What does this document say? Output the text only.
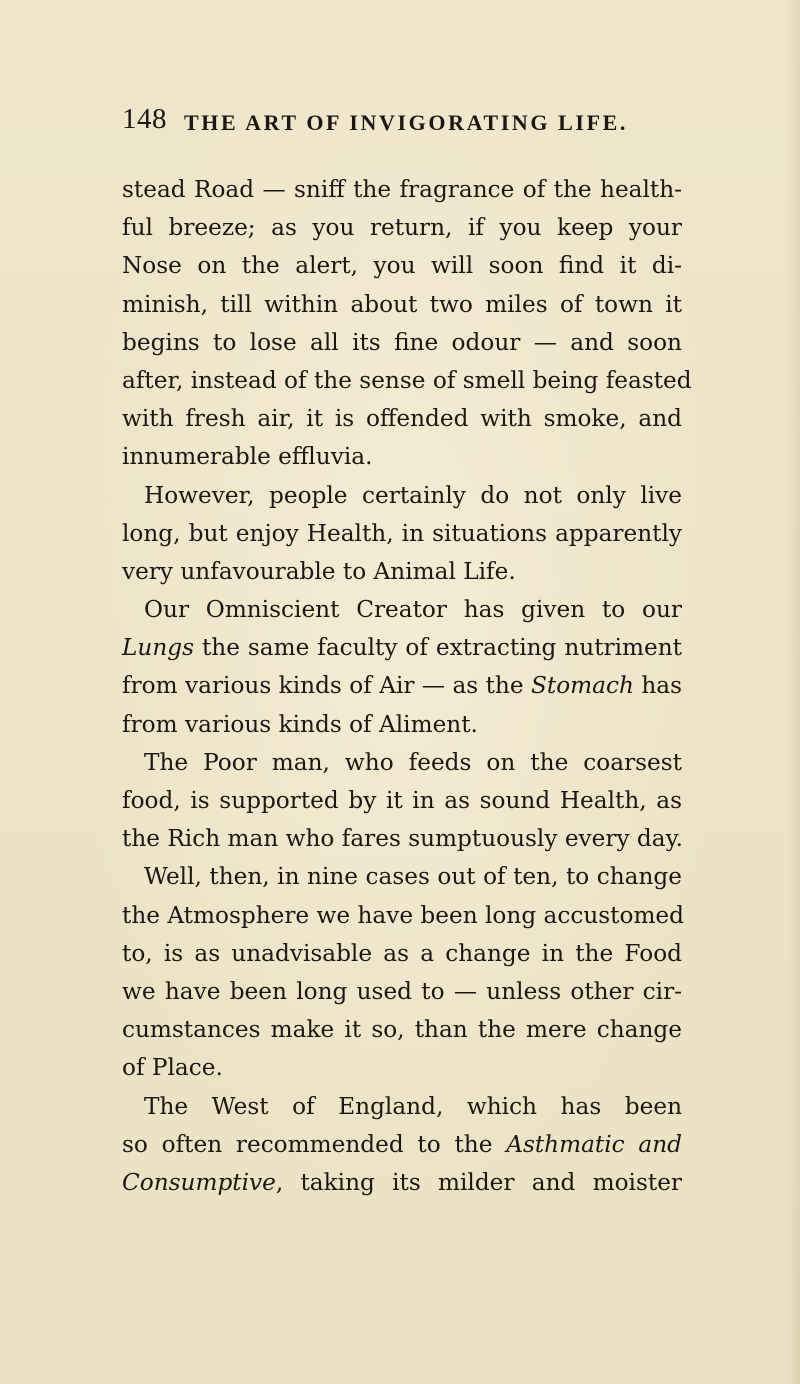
148 THE ART OF INVIGORATING LIFE.
stead Road — sniff the fragrance of the health-
ful breeze; as you return, if you keep your
Nose on the alert, you will soon find it di-
minish, till within about two miles of town it
begins to lose all its fine odour — and soon
after, instead of the sense of smell being feasted
with fresh air, it is offended with smoke, and
innumerable effluvia.
However, people certainly do not only live
long, but enjoy Health, in situations apparently
very unfavourable to Animal Life.
Our Omniscient Creator has given to our
Lungs the same faculty of extracting nutriment
from various kinds of Air — as the Stomach has
from various kinds of Aliment.
The Poor man, who feeds on the coarsest
food, is supported by it in as sound Health, as
the Rich man who fares sumptuously every day.
Well, then, in nine cases out of ten, to change
the Atmosphere we have been long accustomed
to, is as unadvisable as a change in the Food
we have been long used to — unless other cir-
cumstances make it so, than the mere change
of Place.
The West of England, which has been
so often recommended to the Asthmatic and
Consumptive, taking its milder and moister
